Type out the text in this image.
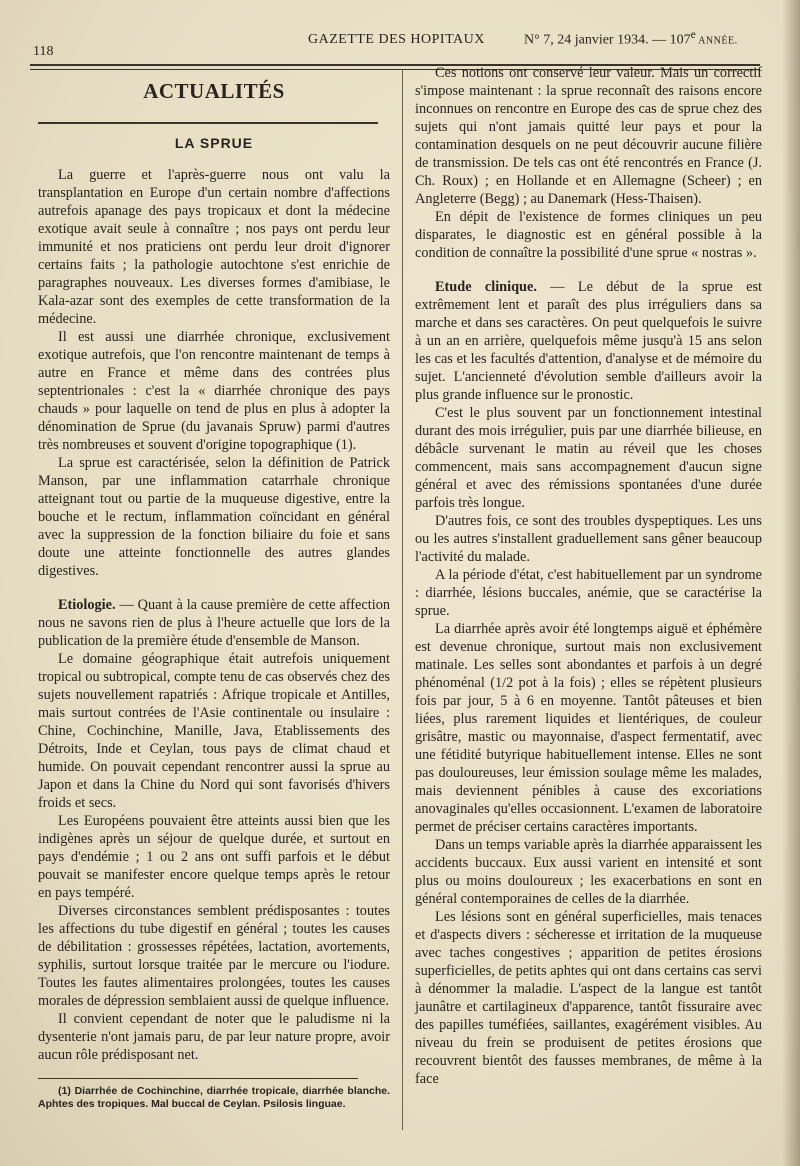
118
GAZETTE DES HOPITAUX	N° 7, 24 janvier 1934. — 107e ANNÉE.
ACTUALITÉS
LA SPRUE

La guerre et l'après-guerre nous ont valu la transplantation en Europe d'un certain nombre d'affections autrefois apanage des pays tropicaux et dont la médecine exotique avait seule à connaître ; nos pays ont perdu leur immunité et nos praticiens ont perdu leur droit d'ignorer certains faits ; la pathologie autochtone s'est enrichie de paragraphes nouveaux. Les diverses formes d'amibiase, le Kala-azar sont des exemples de cette transformation de la médecine.

Il est aussi une diarrhée chronique, exclusivement exotique autrefois, que l'on rencontre maintenant de temps à autre en France et même dans des contrées plus septentrionales : c'est la « diarrhée chronique des pays chauds » pour laquelle on tend de plus en plus à adopter la dénomination de Sprue (du javanais Spruw) parmi d'autres très nombreuses et souvent d'origine topographique (1).

La sprue est caractérisée, selon la définition de Patrick Manson, par une inflammation catarrhale chronique atteignant tout ou partie de la muqueuse digestive, entre la bouche et le rectum, inflammation coïncidant en général avec la suppression de la fonction biliaire du foie et sans doute une atteinte fonctionnelle des autres glandes digestives.

Etiologie. — Quant à la cause première de cette affection nous ne savons rien de plus à l'heure actuelle que lors de la publication de la première étude d'ensemble de Manson.

Le domaine géographique était autrefois uniquement tropical ou subtropical, compte tenu de cas observés chez des sujets nouvellement rapatriés : Afrique tropicale et Antilles, mais surtout contrées de l'Asie continentale ou insulaire : Chine, Cochinchine, Manille, Java, Etablissements des Détroits, Inde et Ceylan, tous pays de climat chaud et humide. On pouvait cependant rencontrer aussi la sprue au Japon et dans la Chine du Nord qui sont favorisés d'hivers froids et secs.

Les Européens pouvaient être atteints aussi bien que les indigènes après un séjour de quelque durée, et surtout en pays d'endémie ; 1 ou 2 ans ont suffi parfois et le début pouvait se manifester encore quelque temps après le retour en pays tempéré.

Diverses circonstances semblent prédisposantes : toutes les affections du tube digestif en général ; toutes les causes de débilitation : grossesses répétées, lactation, avortements, syphilis, surtout lorsque traitée par le mercure ou l'iodure. Toutes les fautes alimentaires prolongées, toutes les causes morales de dépression semblaient aussi de quelque influence.

Il convient cependant de noter que le paludisme ni la dysenterie n'ont jamais paru, de par leur nature propre, avoir aucun rôle prédisposant net.

(1) Diarrhée de Cochinchine, diarrhée tropicale, diarrhée blanche. Aphtes des tropiques. Mal buccal de Ceylan. Psilosis linguae.

Ces notions ont conservé leur valeur. Mais un correctif s'impose maintenant : la sprue reconnaît des raisons encore inconnues on rencontre en Europe des cas de sprue chez des sujets qui n'ont jamais quitté leur pays et pour la contamination desquels on ne peut découvrir aucune filière de transmission. De tels cas ont été rencontrés en France (J. Ch. Roux) ; en Hollande et en Allemagne (Scheer) ; en Angleterre (Begg) ; au Danemark (Hess-Thaisen).

En dépit de l'existence de formes cliniques un peu disparates, le diagnostic est en général possible à la condition de connaître la possibilité d'une sprue « nostras ».

Etude clinique. — Le début de la sprue est extrêmement lent et paraît des plus irréguliers dans sa marche et dans ses caractères. On peut quelquefois le suivre à un an en arrière, quelquefois même jusqu'à 15 ans selon les cas et les facultés d'attention, d'analyse et de mémoire du sujet. L'ancienneté d'évolution semble d'ailleurs avoir la plus grande influence sur le pronostic.

C'est le plus souvent par un fonctionnement intestinal durant des mois irrégulier, puis par une diarrhée bilieuse, en débâcle survenant le matin au réveil que les choses commencent, mais sans accompagnement d'aucun signe général et avec des rémissions spontanées d'une durée parfois très longue.

D'autres fois, ce sont des troubles dyspeptiques. Les uns ou les autres s'installent graduellement sans gêner beaucoup l'activité du malade.

A la période d'état, c'est habituellement par un syndrome : diarrhée, lésions buccales, anémie, que se caractérise la sprue.

La diarrhée après avoir été longtemps aiguë et éphémère est devenue chronique, surtout mais non exclusivement matinale. Les selles sont abondantes et parfois à un degré phénoménal (1/2 pot à la fois) ; elles se répètent plusieurs fois par jour, 5 à 6 en moyenne. Tantôt pâteuses et bien liées, plus rarement liquides et lientériques, de couleur grisâtre, mastic ou mayonnaise, d'aspect fermentatif, avec une fétidité butyrique habituellement intense. Elles ne sont pas douloureuses, leur émission soulage même les malades, mais deviennent pénibles à cause des excoriations anovaginales qu'elles occasionnent. L'examen de laboratoire permet de préciser certains caractères importants.

Dans un temps variable après la diarrhée apparaissent les accidents buccaux. Eux aussi varient en intensité et sont plus ou moins douloureux ; les exacerbations en sont en général contemporaines de celles de la diarrhée.

Les lésions sont en général superficielles, mais tenaces et d'aspects divers : sécheresse et irritation de la muqueuse avec taches congestives ; apparition de petites érosions superficielles, de petits aphtes qui ont dans certains cas servi à dénommer la maladie. L'aspect de la langue est tantôt jaunâtre et cartilagineux d'apparence, tantôt fissuraire avec des papilles tuméfiées, saillantes, exagérément visibles. Au niveau du frein se produisent de petites érosions que recouvrent bientôt des fausses membranes, de même à la face
